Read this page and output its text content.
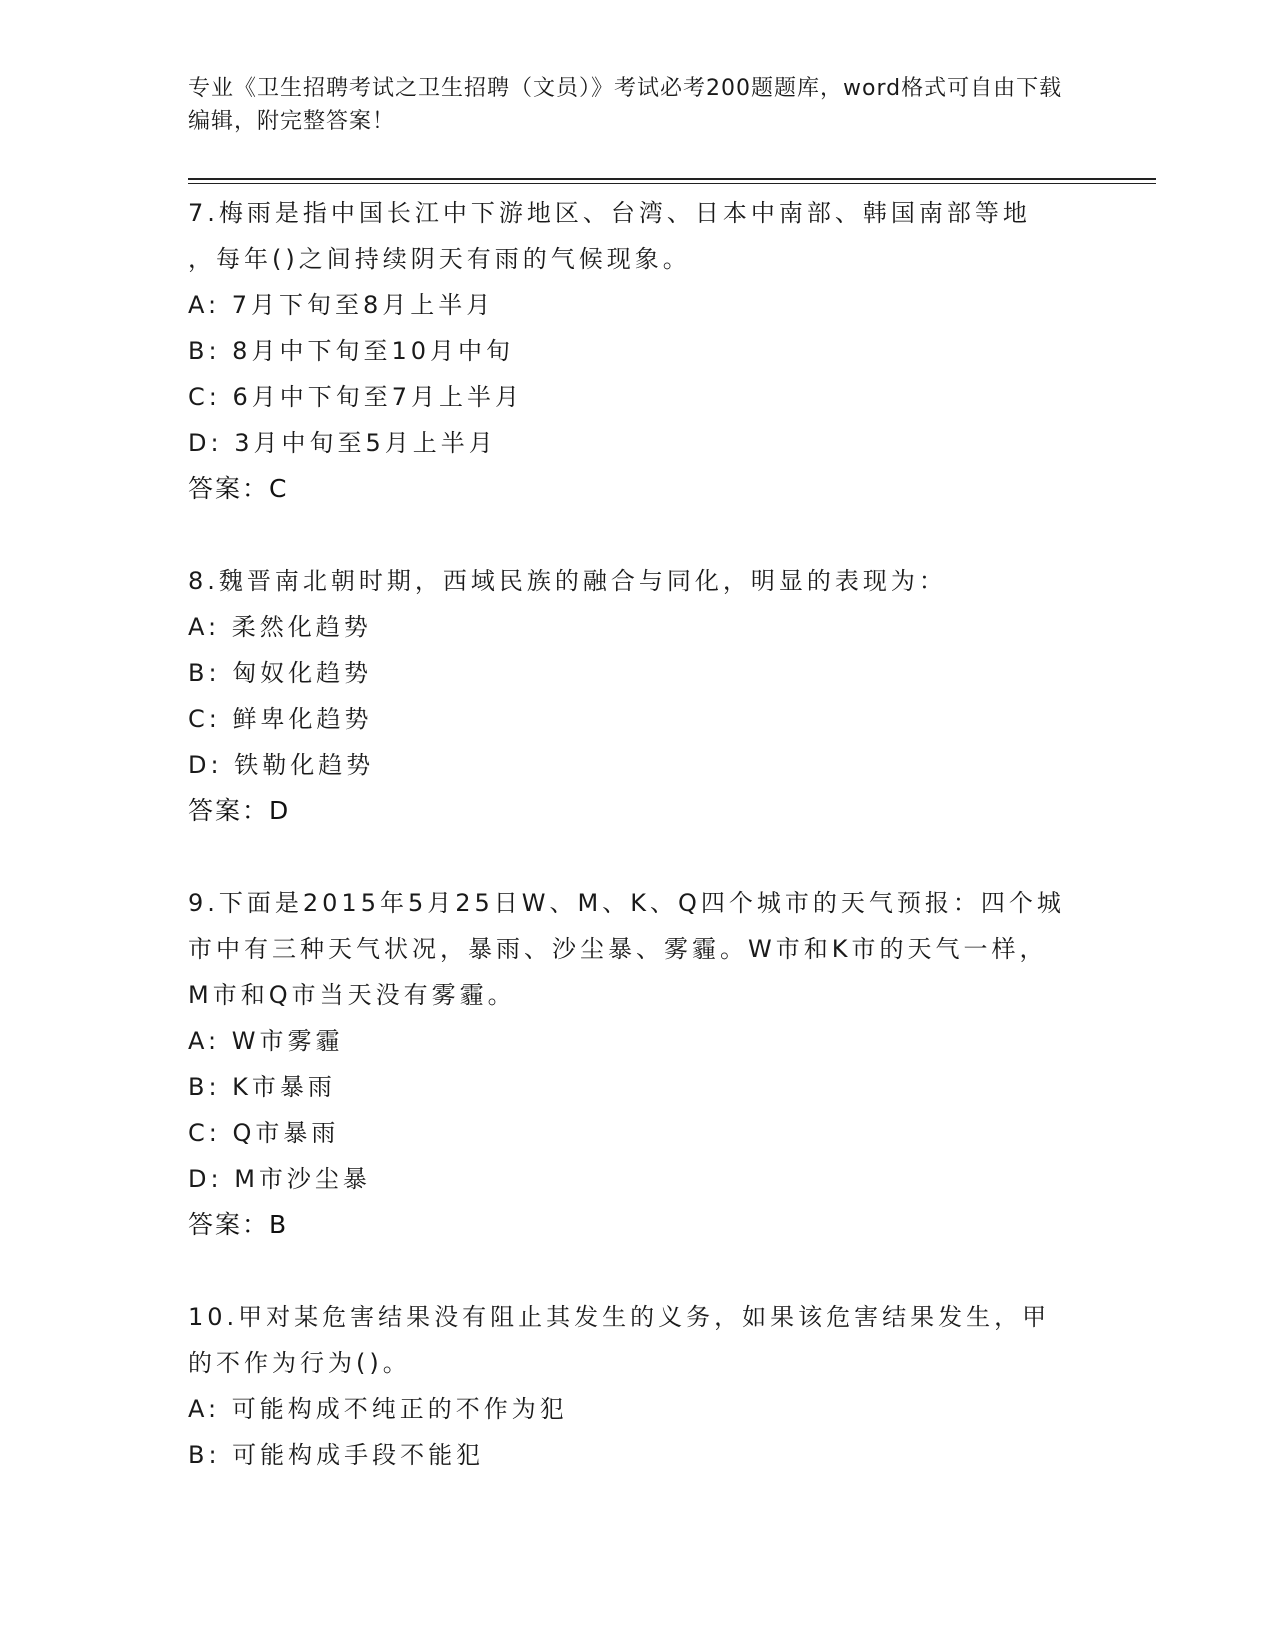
专业《卫生招聘考试之卫生招聘（文员）》考试必考200题题库，word格式可自由下载编辑，附完整答案！
7.梅雨是指中国长江中下游地区、台湾、日本中南部、韩国南部等地
，每年()之间持续阴天有雨的气候现象。
A: 7月下旬至8月上半月
B: 8月中下旬至10月中旬
C: 6月中下旬至7月上半月
D: 3月中旬至5月上半月
答案：C
8.魏晋南北朝时期，西域民族的融合与同化，明显的表现为：
A: 柔然化趋势
B: 匈奴化趋势
C: 鲜卑化趋势
D: 铁勒化趋势
答案：D
9.下面是2015年5月25日W、M、K、Q四个城市的天气预报：四个城
市中有三种天气状况，暴雨、沙尘暴、雾霾。W市和K市的天气一样，
M市和Q市当天没有雾霾。
A: W市雾霾
B: K市暴雨
C: Q市暴雨
D: M市沙尘暴
答案：B
10.甲对某危害结果没有阻止其发生的义务，如果该危害结果发生，甲
的不作为行为()。
A: 可能构成不纯正的不作为犯
B: 可能构成手段不能犯
